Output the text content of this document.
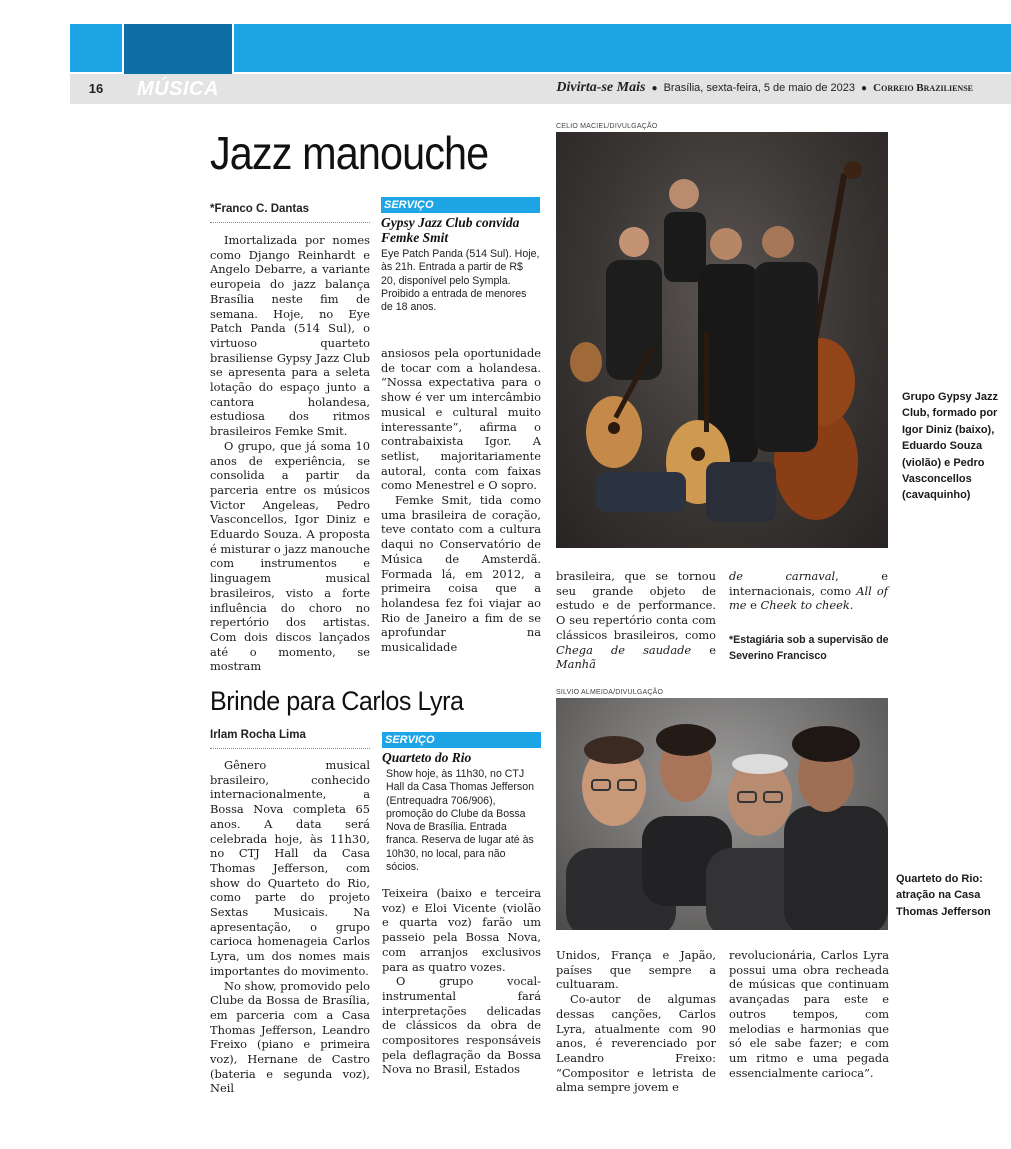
16	MÚSICA	Divirta-se Mais ● Brasília, sexta-feira, 5 de maio de 2023 ● Correio Braziliense
Jazz manouche
*Franco C. Dantas

Imortalizada por nomes como Django Reinhardt e Angelo Debarre, a variante europeia do jazz balança Brasília neste fim de semana. Hoje, no Eye Patch Panda (514 Sul), o virtuoso quarteto brasiliense Gypsy Jazz Club se apresenta para a seleta lotação do espaço junto a cantora holandesa, estudiosa dos ritmos brasileiros Femke Smit.

O grupo, que já soma 10 anos de experiência, se consolida a partir da parceria entre os músicos Victor Angeleas, Pedro Vasconcellos, Igor Diniz e Eduardo Souza. A proposta é misturar o jazz manouche com instrumentos e linguagem musical brasileiros, visto a forte influência do choro no repertório dos artistas. Com dois discos lançados até o momento, se mostram

SERVIÇO
Gypsy Jazz Club convida Femke Smit
Eye Patch Panda (514 Sul). Hoje, às 21h. Entrada a partir de R$ 20, disponível pelo Sympla. Proibido a entrada de menores de 18 anos.

ansiosos pela oportunidade de tocar com a holandesa. “Nossa expectativa para o show é ver um intercâmbio musical e cultural muito interessante”, afirma o contrabaixista Igor. A setlist, majoritariamente autoral, conta com faixas como Menestrel e O sopro.

Femke Smit, tida como uma brasileira de coração, teve contato com a cultura daqui no Conservatório de Música de Amsterdã. Formada lá, em 2012, a primeira coisa que a holandesa fez foi viajar ao Rio de Janeiro a fim de se aprofundar na musicalidade

brasileira, que se tornou seu grande objeto de estudo e de performance. O seu repertório conta com clássicos brasileiros, como Chega de saudade e Manhã

de carnaval, e internacionais, como All of me e Cheek to cheek.

*Estagiária sob a supervisão de Severino Francisco
CELIO MACIEL/DIVULGAÇÃO
Grupo Gypsy Jazz Club, formado por Igor Diniz (baixo), Eduardo Souza (violão) e Pedro Vasconcellos (cavaquinho)
Brinde para Carlos Lyra
Irlam Rocha Lima

Gênero musical brasileiro, conhecido internacionalmente, a Bossa Nova completa 65 anos. A data será celebrada hoje, às 11h30, no CTJ Hall da Casa Thomas Jefferson, com show do Quarteto do Rio, como parte do projeto Sextas Musicais. Na apresentação, o grupo carioca homenageia Carlos Lyra, um dos nomes mais importantes do movimento.

No show, promovido pelo Clube da Bossa de Brasília, em parceria com a Casa Thomas Jefferson, Leandro Freixo (piano e primeira voz), Hernane de Castro (bateria e segunda voz), Neil

SERVIÇO
Quarteto do Rio
Show hoje, às 11h30, no CTJ Hall da Casa Thomas Jefferson (Entrequadra 706/906), promoção do Clube da Bossa Nova de Brasília. Entrada franca. Reserva de lugar até às 10h30, no local, para não sócios.

Teixeira (baixo e terceira voz) e Eloi Vicente (violão e quarta voz) farão um passeio pela Bossa Nova, com arranjos exclusivos para as quatro vozes.

O grupo vocal-instrumental fará interpretações delicadas de clássicos da obra de compositores responsáveis pela deflagração da Bossa Nova no Brasil, Estados

Unidos, França e Japão, países que sempre a cultuaram.

Co-autor de algumas dessas canções, Carlos Lyra, atualmente com 90 anos, é reverenciado por Leandro Freixo: “Compositor e letrista de alma sempre jovem e

revolucionária, Carlos Lyra possui uma obra recheada de músicas que continuam avançadas para este e outros tempos, com melodias e harmonias que só ele sabe fazer; e com um ritmo e uma pegada essencialmente carioca”.

SILVIO ALMEIDA/DIVULGAÇÃO
Quarteto do Rio: atração na Casa Thomas Jefferson
